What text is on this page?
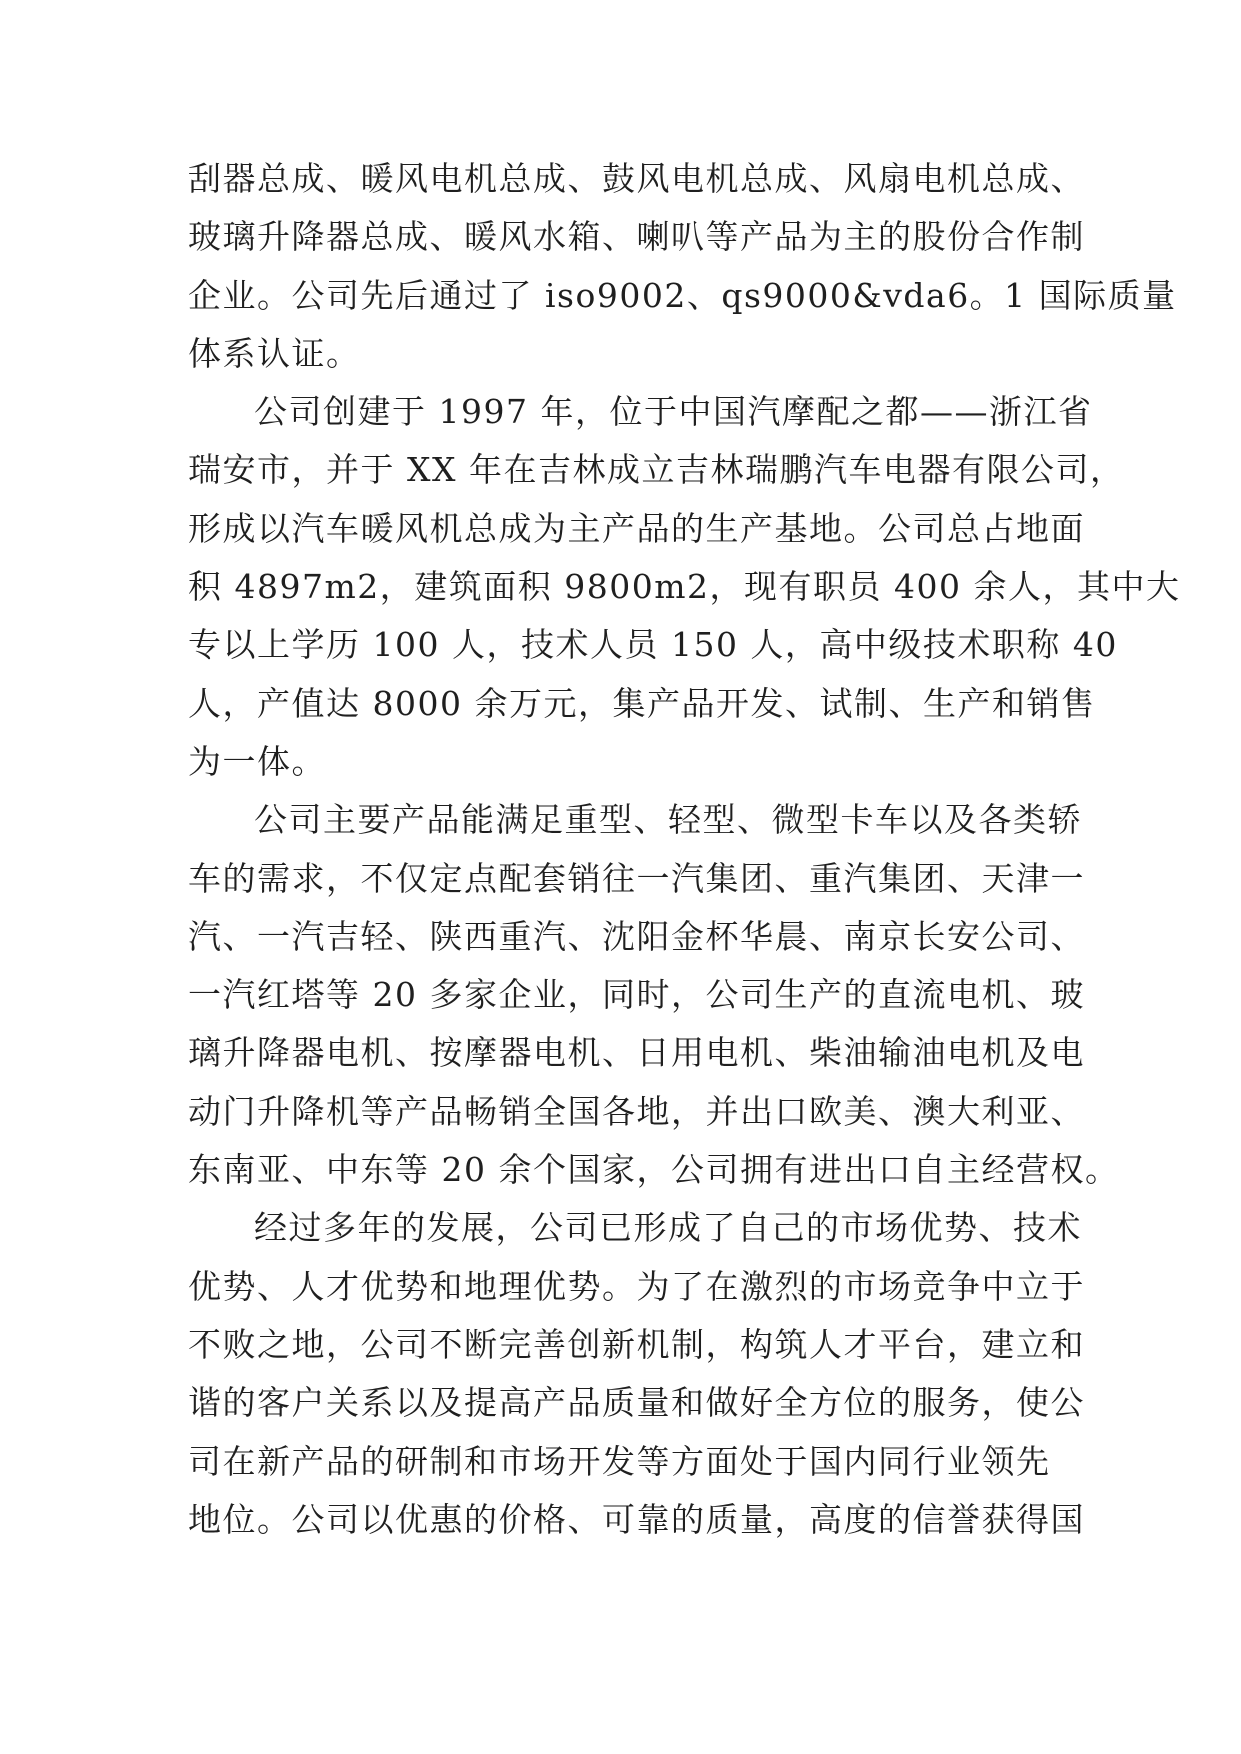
刮器总成、暖风电机总成、鼓风电机总成、风扇电机总成、
玻璃升降器总成、暖风水箱、喇叭等产品为主的股份合作制
企业。公司先后通过了 iso9002、qs9000&vda6。1 国际质量
体系认证。
公司创建于 1997 年，位于中国汽摩配之都——浙江省
瑞安市，并于 XX 年在吉林成立吉林瑞鹏汽车电器有限公司，
形成以汽车暖风机总成为主产品的生产基地。公司总占地面
积 4897m2，建筑面积 9800m2，现有职员 400 余人，其中大
专以上学历 100 人，技术人员 150 人，高中级技术职称 40
人，产值达 8000 余万元，集产品开发、试制、生产和销售
为一体。
公司主要产品能满足重型、轻型、微型卡车以及各类轿
车的需求，不仅定点配套销往一汽集团、重汽集团、天津一
汽、一汽吉轻、陕西重汽、沈阳金杯华晨、南京长安公司、
一汽红塔等 20 多家企业，同时，公司生产的直流电机、玻
璃升降器电机、按摩器电机、日用电机、柴油输油电机及电
动门升降机等产品畅销全国各地，并出口欧美、澳大利亚、
东南亚、中东等 20 余个国家，公司拥有进出口自主经营权。
经过多年的发展，公司已形成了自己的市场优势、技术
优势、人才优势和地理优势。为了在激烈的市场竞争中立于
不败之地，公司不断完善创新机制，构筑人才平台，建立和
谐的客户关系以及提高产品质量和做好全方位的服务，使公
司在新产品的研制和市场开发等方面处于国内同行业领先
地位。公司以优惠的价格、可靠的质量，高度的信誉获得国
